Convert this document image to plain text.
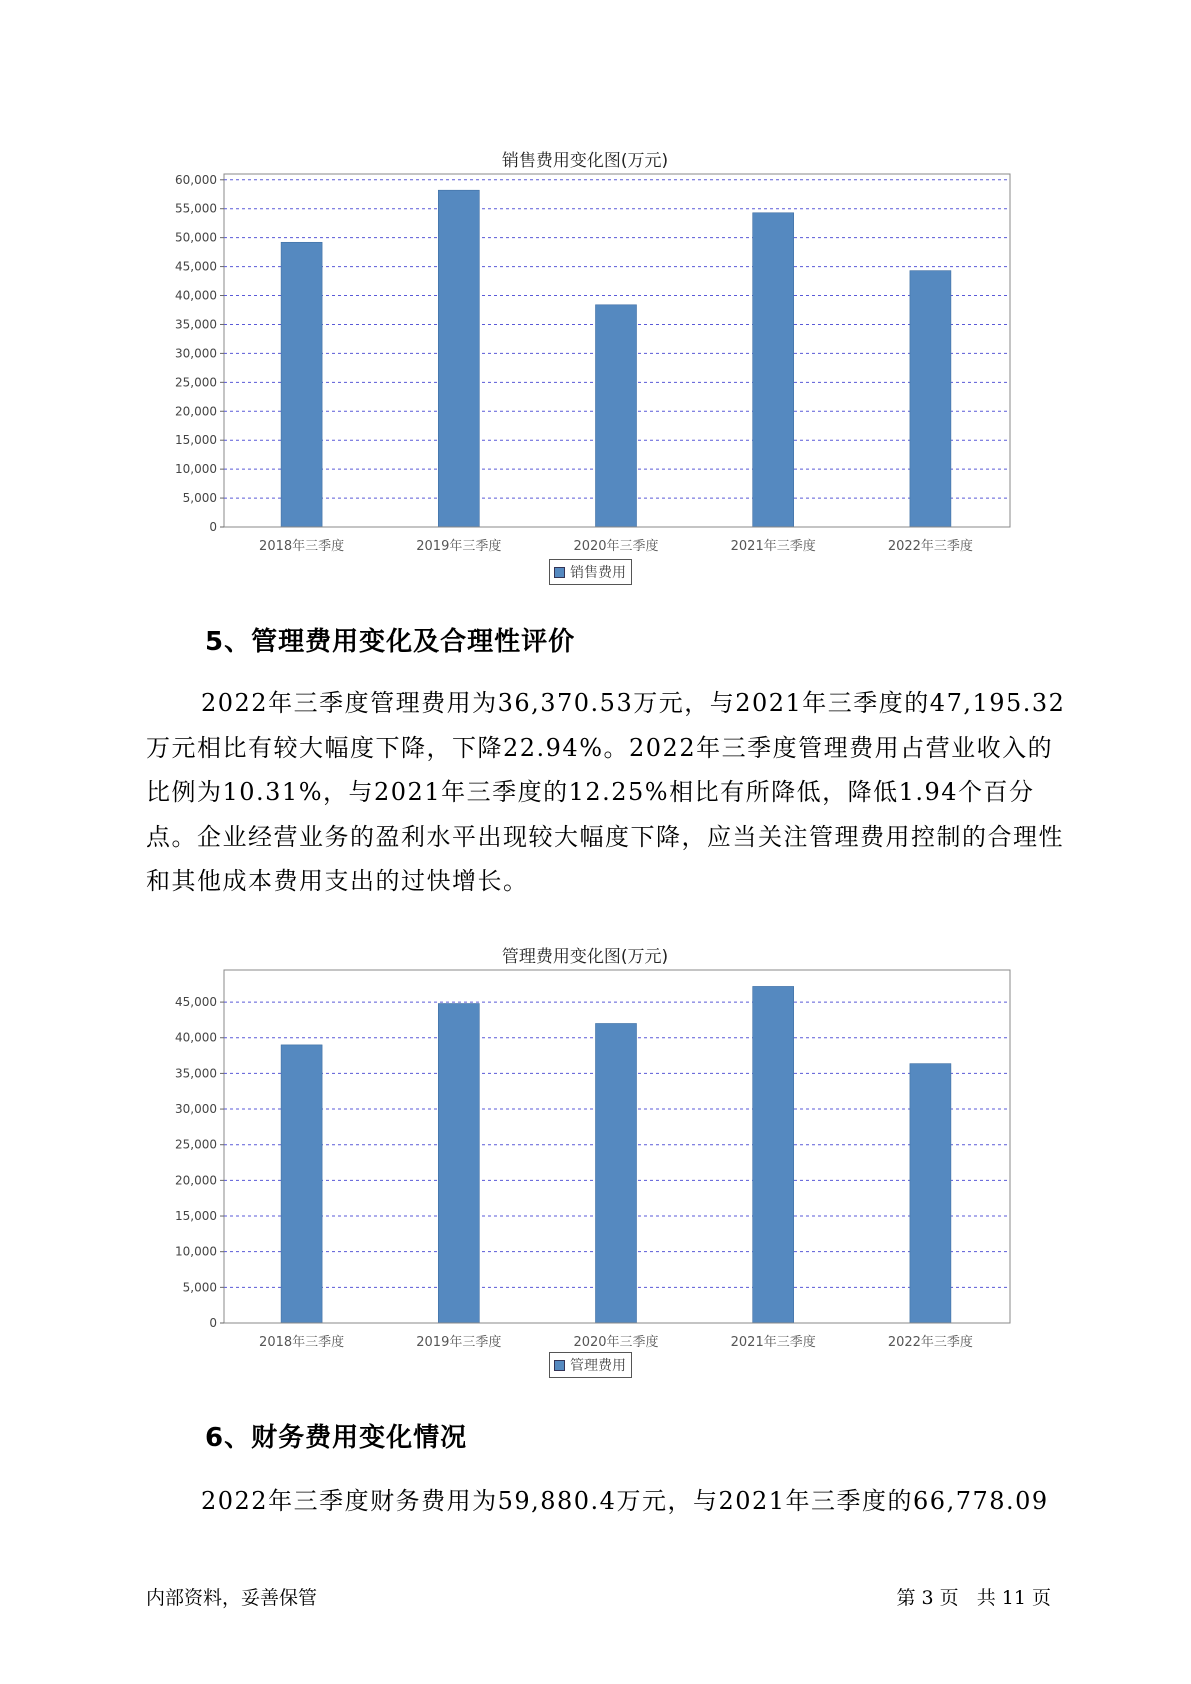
销售费用变化图(万元)
0
5,000
10,000
15,000
20,000
25,000
30,000
35,000
40,000
45,000
50,000
55,000
60,000
2018年三季度	2019年三季度	2020年三季度	2021年三季度	2022年三季度
销售费用
5、管理费用变化及合理性评价
2022年三季度管理费用为36,370.53万元，与2021年三季度的47,195.32万元相比有较大幅度下降，下降22.94%。2022年三季度管理费用占营业收入的比例为10.31%，与2021年三季度的12.25%相比有所降低，降低1.94个百分点。企业经营业务的盈利水平出现较大幅度下降，应当关注管理费用控制的合理性和其他成本费用支出的过快增长。
管理费用变化图(万元)
0
5,000
10,000
15,000
20,000
25,000
30,000
35,000
40,000
45,000
2018年三季度	2019年三季度	2020年三季度	2021年三季度	2022年三季度
管理费用
6、财务费用变化情况
2022年三季度财务费用为59,880.4万元，与2021年三季度的66,778.09
内部资料，妥善保管	第 3 页   共 11 页
